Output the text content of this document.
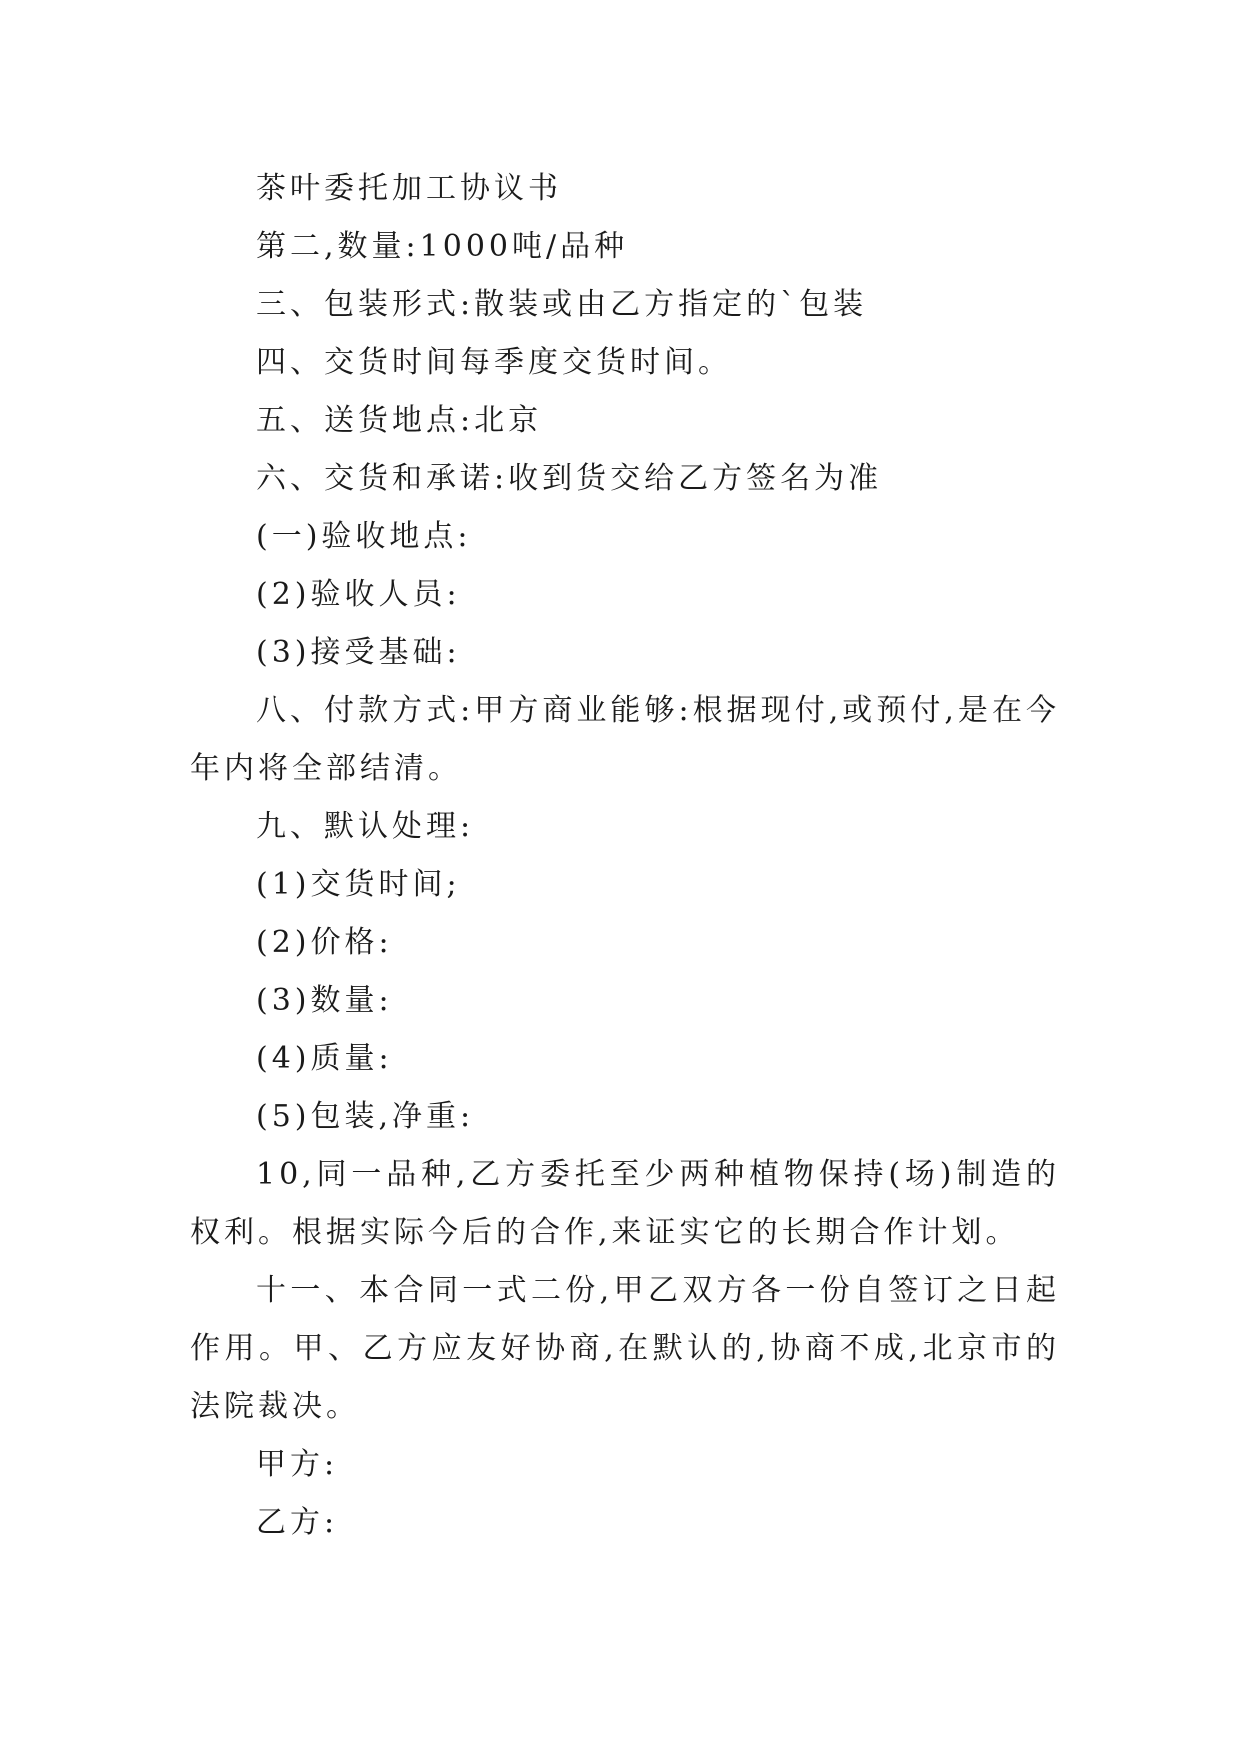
茶叶委托加工协议书

第二,数量:1000吨/品种

三、包装形式:散装或由乙方指定的`包装

四、交货时间每季度交货时间。

五、送货地点:北京

六、交货和承诺:收到货交给乙方签名为准

(一)验收地点:

(2)验收人员:

(3)接受基础:

八、付款方式:甲方商业能够:根据现付,或预付,是在今年内将全部结清。

九、默认处理:

(1)交货时间;

(2)价格:

(3)数量:

(4)质量:

(5)包装,净重:

10,同一品种,乙方委托至少两种植物保持(场)制造的权利。根据实际今后的合作,来证实它的长期合作计划。

十一、本合同一式二份,甲乙双方各一份自签订之日起作用。甲、乙方应友好协商,在默认的,协商不成,北京市的法院裁决。

甲方:

乙方:
